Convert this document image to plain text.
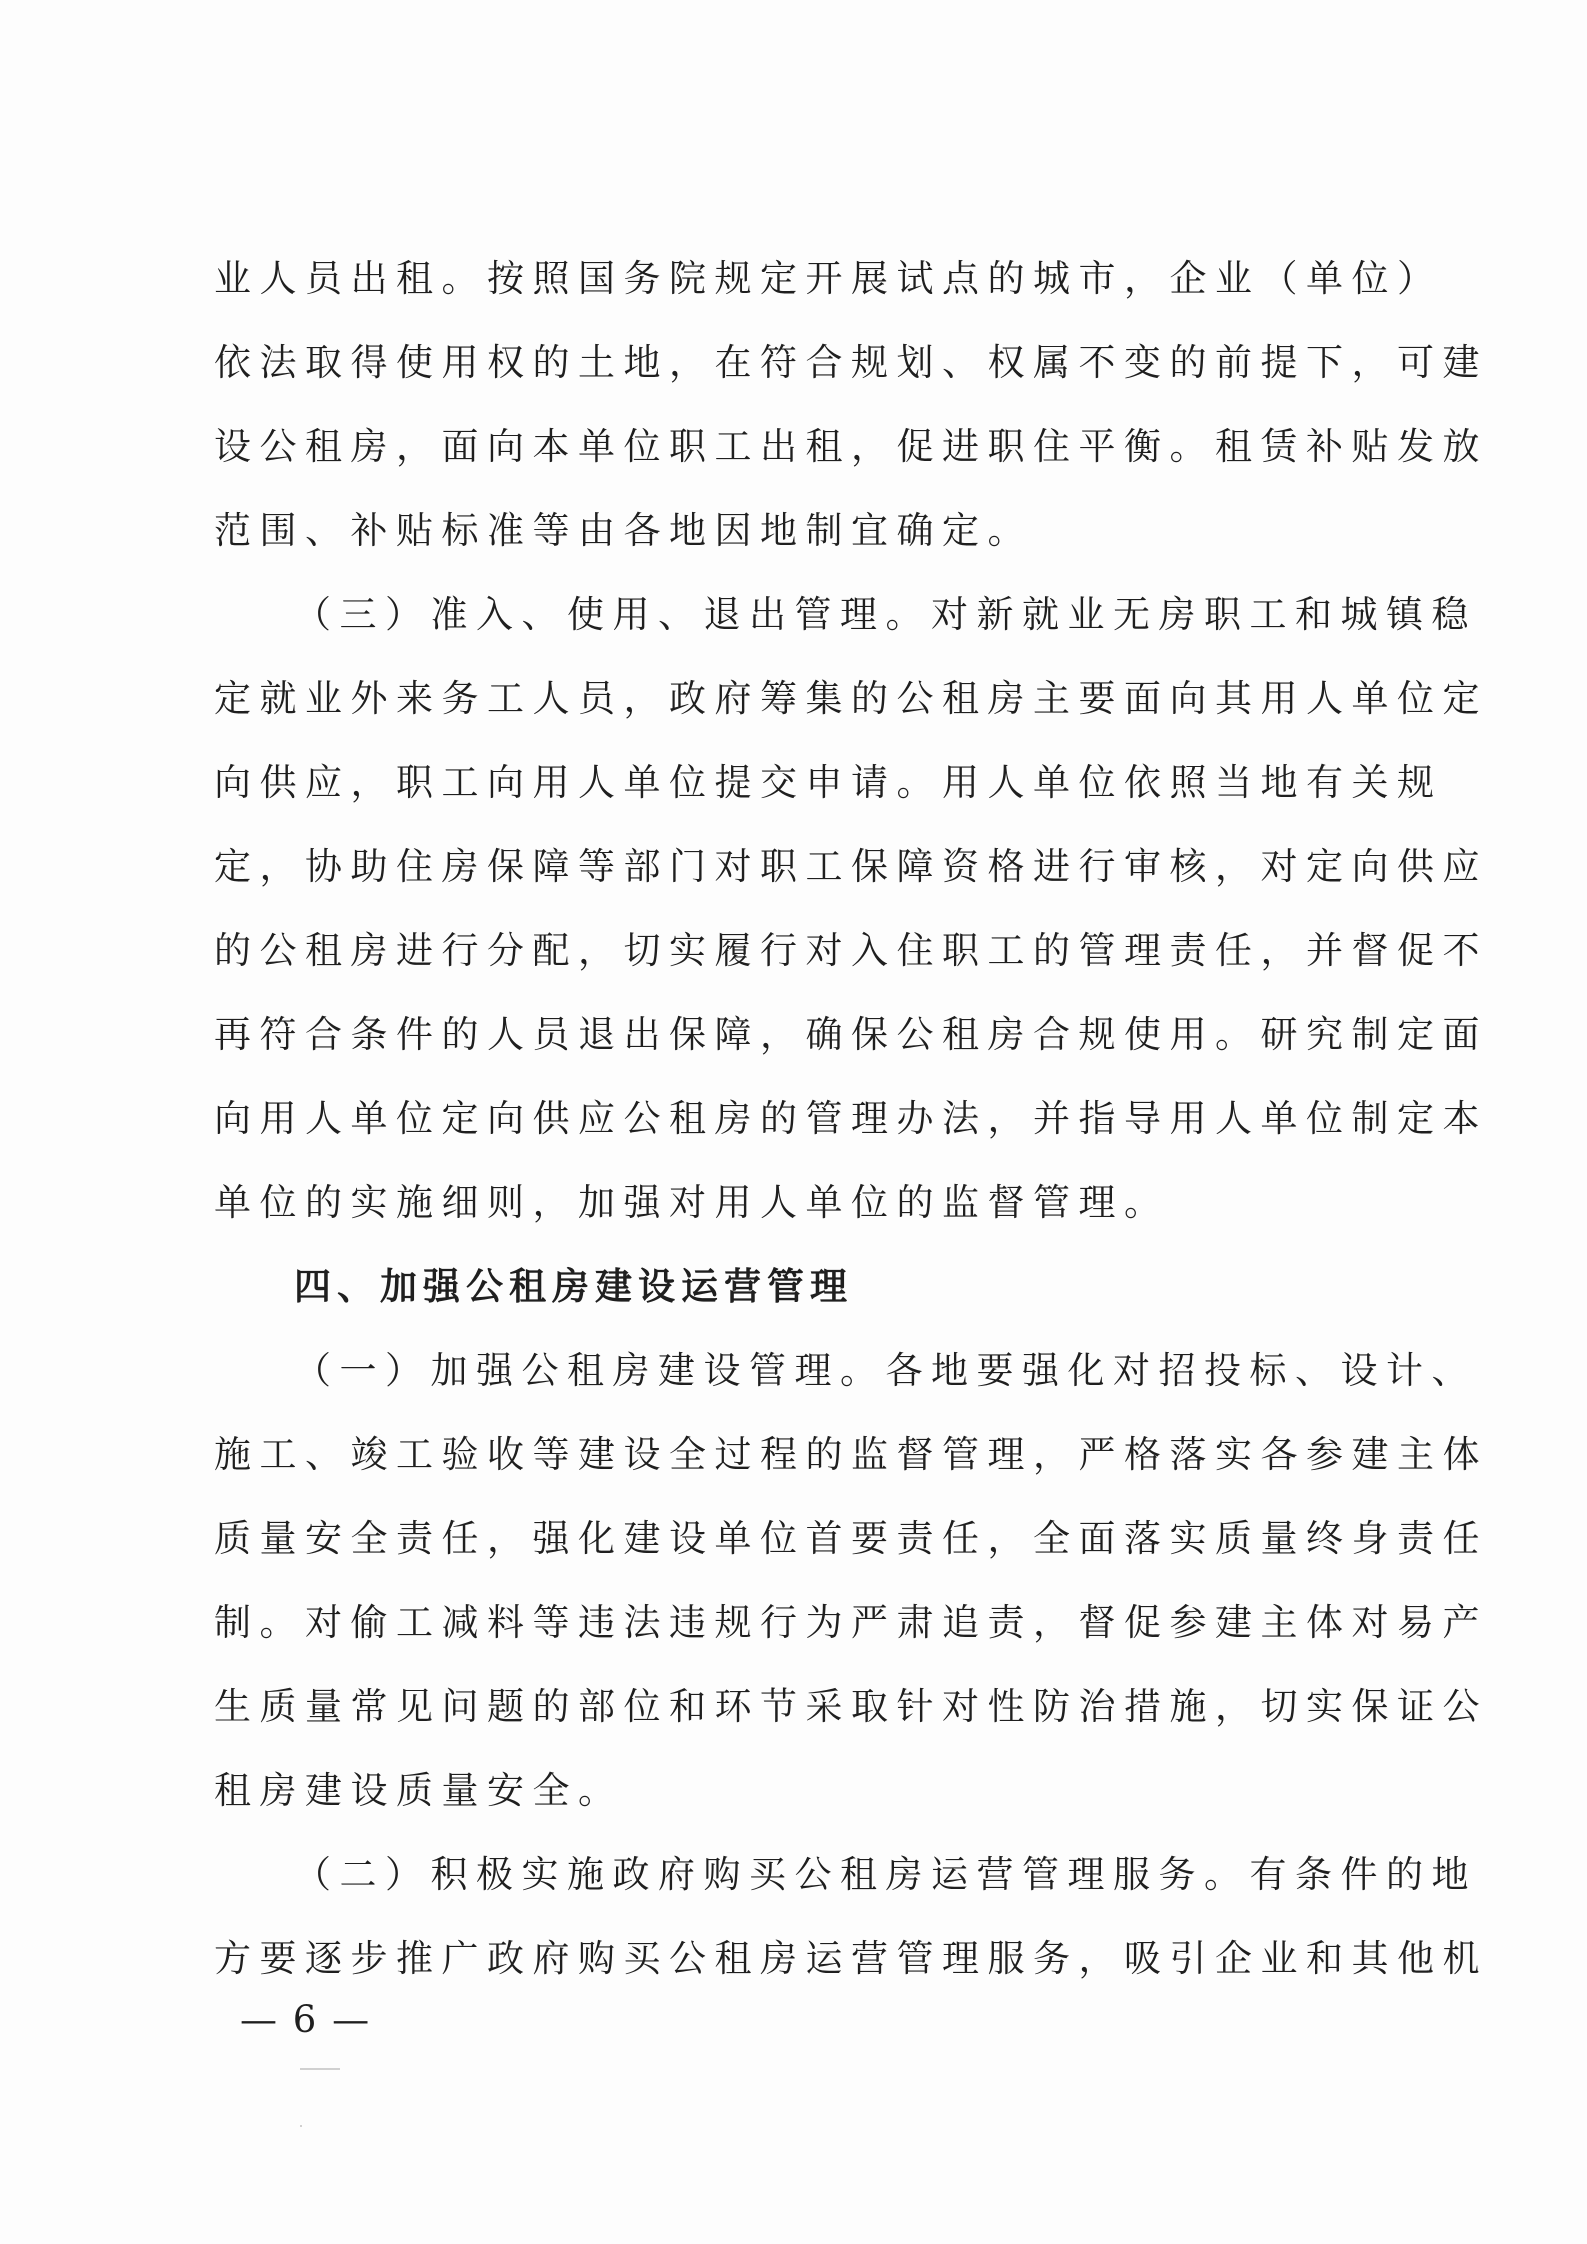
业人员出租。按照国务院规定开展试点的城市，企业（单位）
依法取得使用权的土地，在符合规划、权属不变的前提下，可建
设公租房，面向本单位职工出租，促进职住平衡。租赁补贴发放
范围、补贴标准等由各地因地制宜确定。
（三）准入、使用、退出管理。对新就业无房职工和城镇稳
定就业外来务工人员，政府筹集的公租房主要面向其用人单位定
向供应，职工向用人单位提交申请。用人单位依照当地有关规
定，协助住房保障等部门对职工保障资格进行审核，对定向供应
的公租房进行分配，切实履行对入住职工的管理责任，并督促不
再符合条件的人员退出保障，确保公租房合规使用。研究制定面
向用人单位定向供应公租房的管理办法，并指导用人单位制定本
单位的实施细则，加强对用人单位的监督管理。
四、加强公租房建设运营管理
（一）加强公租房建设管理。各地要强化对招投标、设计、
施工、竣工验收等建设全过程的监督管理，严格落实各参建主体
质量安全责任，强化建设单位首要责任，全面落实质量终身责任
制。对偷工减料等违法违规行为严肃追责，督促参建主体对易产
生质量常见问题的部位和环节采取针对性防治措施，切实保证公
租房建设质量安全。
（二）积极实施政府购买公租房运营管理服务。有条件的地
方要逐步推广政府购买公租房运营管理服务，吸引企业和其他机
— 6 —
